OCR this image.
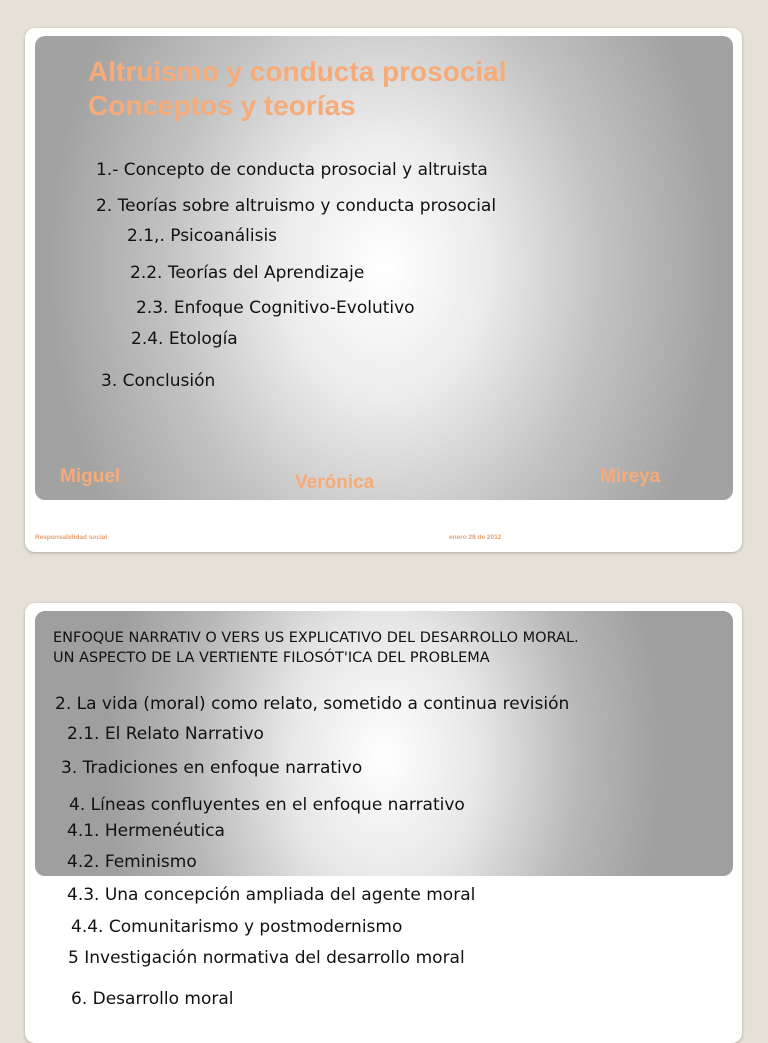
Altruismo y conducta prosocial

Conceptos y teorías

1.- Concepto de conducta prosocial y altruista

2. Teorías sobre altruismo y conducta prosocial

2.1,. Psicoanálisis

2.2. Teorías del Aprendizaje

2.3. Enfoque Cognitivo-Evolutivo

2.4. Etología

3. Conclusión

Miguel	Verónica	Mireya

Responsabilidad social	enero 28 de 2012

ENFOQUE NARRATIV O VERS US EXPLICATIVO DEL DESARROLLO MORAL.

UN ASPECTO DE LA VERTIENTE FILOSÓT'ICA DEL PROBLEMA

2. La vida (moral) como relato, sometido a continua revisión

2.1. El Relato Narrativo

3. Tradiciones en enfoque narrativo

4. Líneas confluyentes en el enfoque narrativo

4.1. Hermenéutica

4.2. Feminismo

4.3. Una concepción ampliada del agente moral

4.4. Comunitarismo y postmodernismo

5 Investigación normativa del desarrollo moral

6. Desarrollo moral
